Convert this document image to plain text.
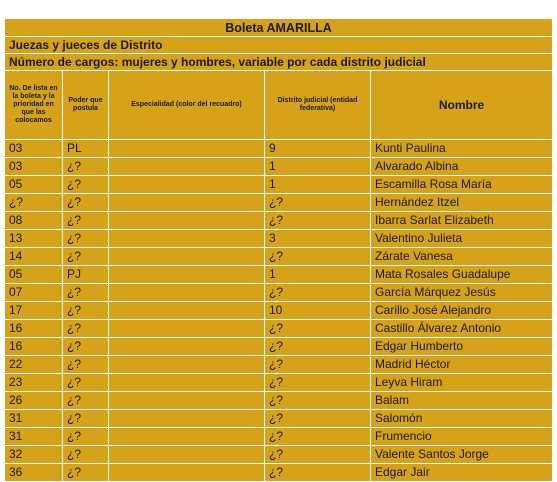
Boleta AMARILLA				
Juezas y jueces de Distrito				
Número de cargos: mujeres y hombres, variable por cada distrito judicial				
No. De lista en la boleta y la prioridad en que las colocamos	Poder que postula	Especialidad (color del recuadro)	Distrito judicial (entidad federativa)	Nombre
03	PL		9	Kunti Paulina
03	¿?		1	Alvarado Albina
05	¿?		1	Escamilla Rosa María
¿?	¿?		¿?	Hernández Itzel
08	¿?		¿?	Ibarra Sarlat Elizabeth
13	¿?		3	Valentino Julieta
14	¿?		¿?	Zárate Vanesa
05	PJ		1	Mata Rosales Guadalupe
07	¿?		¿?	García Márquez Jesús
17	¿?		10	Carillo José Alejandro
16	¿?		¿?	Castillo Álvarez Antonio
16	¿?		¿?	Edgar Humberto
22	¿?		¿?	Madrid Héctor
23	¿?		¿?	Leyva Hiram
26	¿?		¿?	Balam
31	¿?		¿?	Salomón
31	¿?		¿?	Frumencio
32	¿?		¿?	Valente Santos Jorge
36	¿?		¿?	Edgar Jair
